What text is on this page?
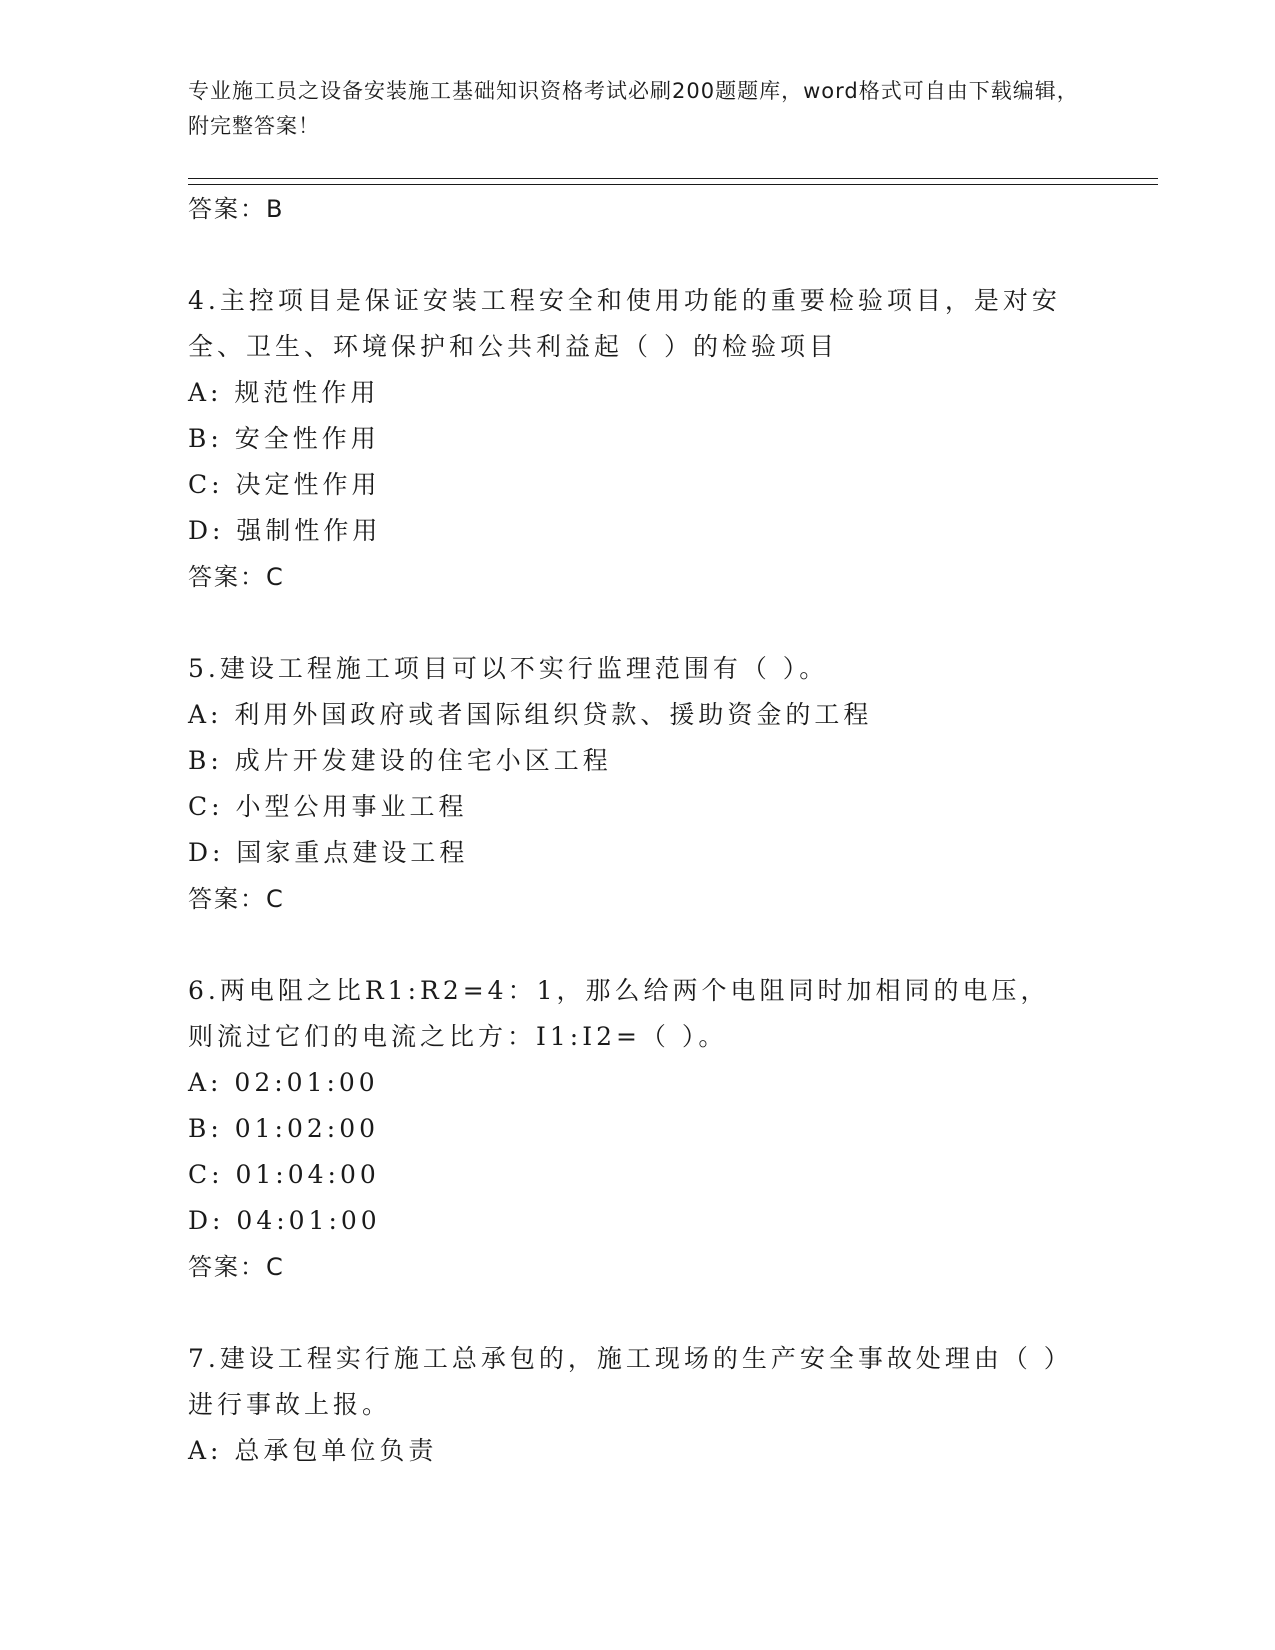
专业施工员之设备安装施工基础知识资格考试必刷200题题库，word格式可自由下载编辑，附完整答案！

答案：B

4.主控项目是保证安装工程安全和使用功能的重要检验项目，是对安全、卫生、环境保护和公共利益起（ ）的检验项目

A: 规范性作用

B: 安全性作用

C: 决定性作用

D: 强制性作用

答案：C

5.建设工程施工项目可以不实行监理范围有（ ）。

A: 利用外国政府或者国际组织贷款、援助资金的工程

B: 成片开发建设的住宅小区工程

C: 小型公用事业工程

D: 国家重点建设工程

答案：C

6.两电阻之比R1:R2=4：1，那么给两个电阻同时加相同的电压，则流过它们的电流之比方：I1:I2=（ ）。

A: 02:01:00

B: 01:02:00

C: 01:04:00

D: 04:01:00

答案：C

7.建设工程实行施工总承包的，施工现场的生产安全事故处理由（ ）进行事故上报。

A: 总承包单位负责
